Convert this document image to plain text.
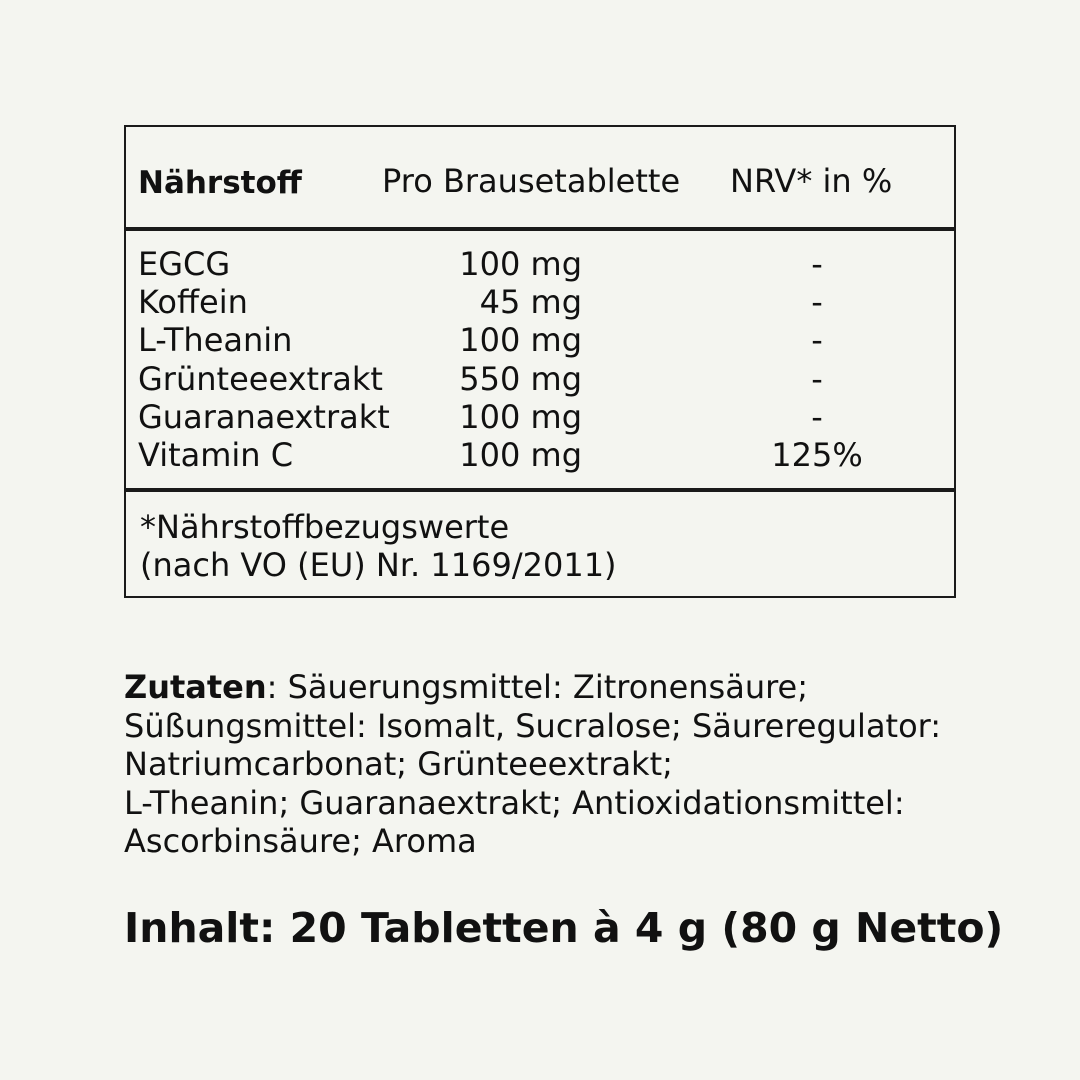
Nährstoff	Pro Brausetablette NRV* in %
EGCG	100 mg	-
Koffein	45 mg	-
L-Theanin	100 mg	-
Grünteeextrakt 550 mg	-
Guaranaextrakt 100 mg	-
Vitamin C	100 mg	125%
*Nährstoffbezugswerte
(nach VO (EU) Nr. 1169/2011)
Zutaten: Säuerungsmittel: Zitronensäure;
Süßungsmittel: Isomalt, Sucralose; Säureregulator:
Natriumcarbonat; Grünteeextrakt;
L-Theanin; Guaranaextrakt; Antioxidationsmittel:
Ascorbinsäure; Aroma
Inhalt: 20 Tabletten à 4 g (80 g Netto)
